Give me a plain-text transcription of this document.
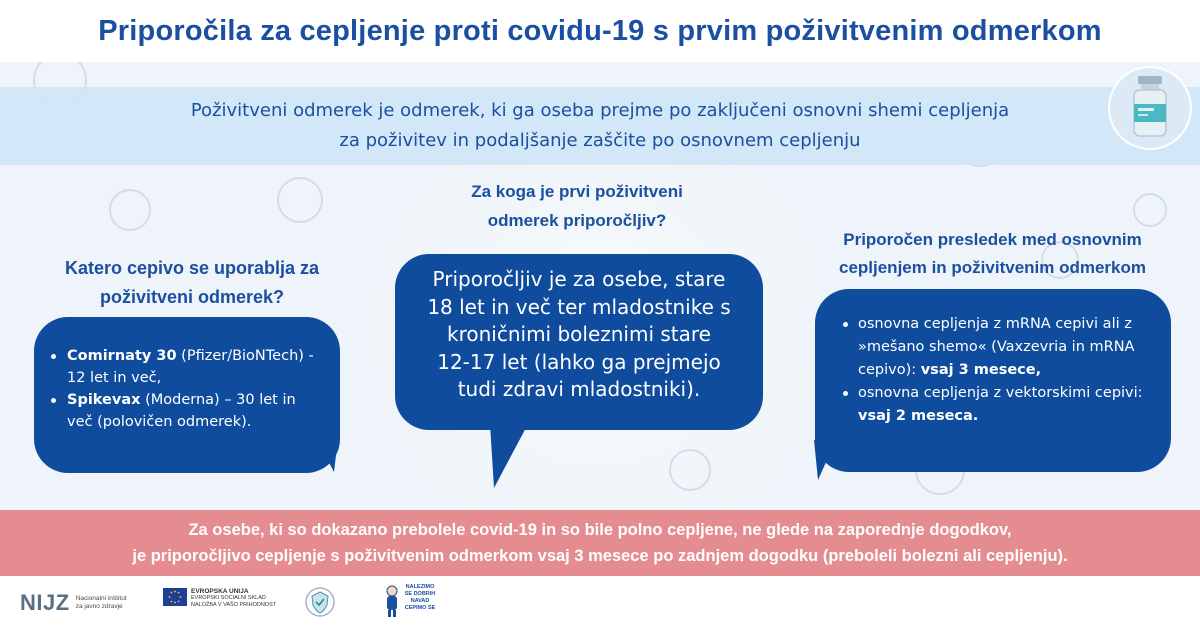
Priporočila za cepljenje proti covidu-19 s prvim poživitvenim odmerkom
Poživitveni odmerek je odmerek, ki ga oseba prejme po zaključeni osnovni shemi cepljenja
za poživitev in podaljšanje zaščite po osnovnem cepljenju
Katero cepivo se uporablja za
poživitveni odmerek?
Comirnaty 30 (Pfizer/BioNTech) - 12 let in več,
Spikevax (Moderna) – 30 let in več (polovičen odmerek).
Za koga je prvi poživitveni
odmerek priporočljiv?
Priporočljiv je za osebe, stare
18 let in več ter mladostnike s
kroničnimi boleznimi stare
12-17 let (lahko ga prejmejo
tudi zdravi mladostniki).
Priporočen presledek med osnovnim
cepljenjem in poživitvenim odmerkom
osnovna cepljenja z mRNA cepivi ali z »mešano shemo« (Vaxzevria in mRNA cepivo): vsaj 3 mesece,
osnovna cepljenja z vektorskimi cepivi: vsaj 2 meseca.
Za osebe, ki so dokazano prebolele covid-19 in so bile polno cepljene, ne glede na zaporednje dogodkov,
je priporočljivo cepljenje s poživitvenim odmerkom vsaj 3 mesece po zadnjem dogodku (preboleli bolezni ali cepljenju).
NIJZ Nacionalni inštitut za javno zdravje
EVROPSKA UNIJA
EVROPSKI SOCIALNI SKLAD
NALOŽBA V VAŠO PRIHODNOST
NALEZIMO SE DOBRIH NAVAD
CEPIMO SE
